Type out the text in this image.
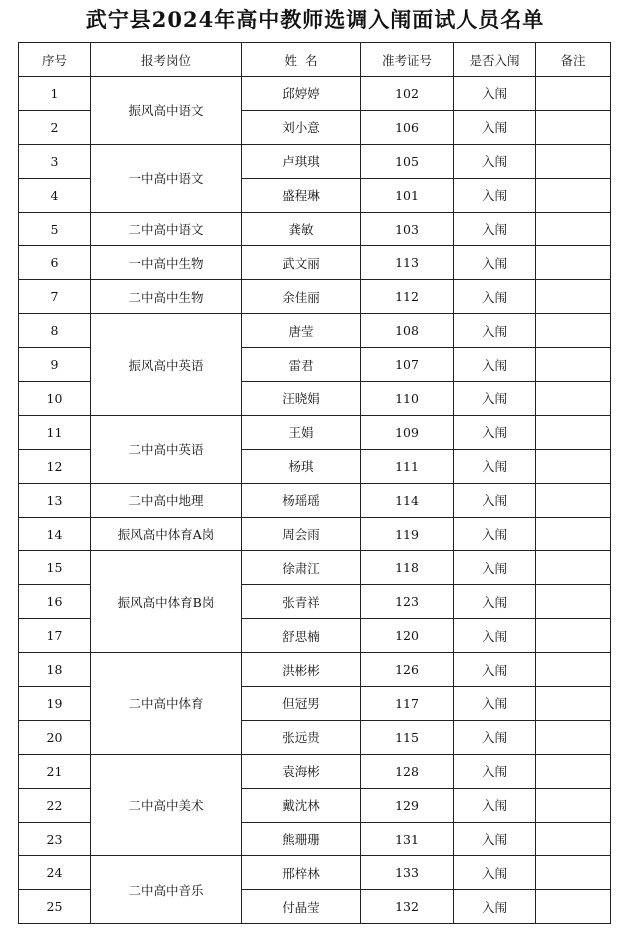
武宁县2024年高中教师选调入闱面试人员名单
序号	报考岗位	姓  名	准考证号	是否入闱	备注
1	振风高中语文	邱婷婷	102	入闱	
2		刘小意	106	入闱	
3	一中高中语文	卢琪琪	105	入闱	
4		盛程琳	101	入闱	
5	二中高中语文	龚敏	103	入闱	
6	一中高中生物	武文丽	113	入闱	
7	二中高中生物	余佳丽	112	入闱	
8	振风高中英语	唐莹	108	入闱	
9		雷君	107	入闱	
10		汪晓娟	110	入闱	
11	二中高中英语	王娟	109	入闱	
12		杨琪	111	入闱	
13	二中高中地理	杨瑶瑶	114	入闱	
14	振风高中体育A岗	周会雨	119	入闱	
15	振风高中体育B岗	徐肃江	118	入闱	
16		张青祥	123	入闱	
17		舒思楠	120	入闱	
18	二中高中体育	洪彬彬	126	入闱	
19		但冠男	117	入闱	
20		张远贵	115	入闱	
21	二中高中美术	袁海彬	128	入闱	
22		戴沈林	129	入闱	
23		熊珊珊	131	入闱	
24	二中高中音乐	邢梓林	133	入闱	
25		付晶莹	132	入闱	
